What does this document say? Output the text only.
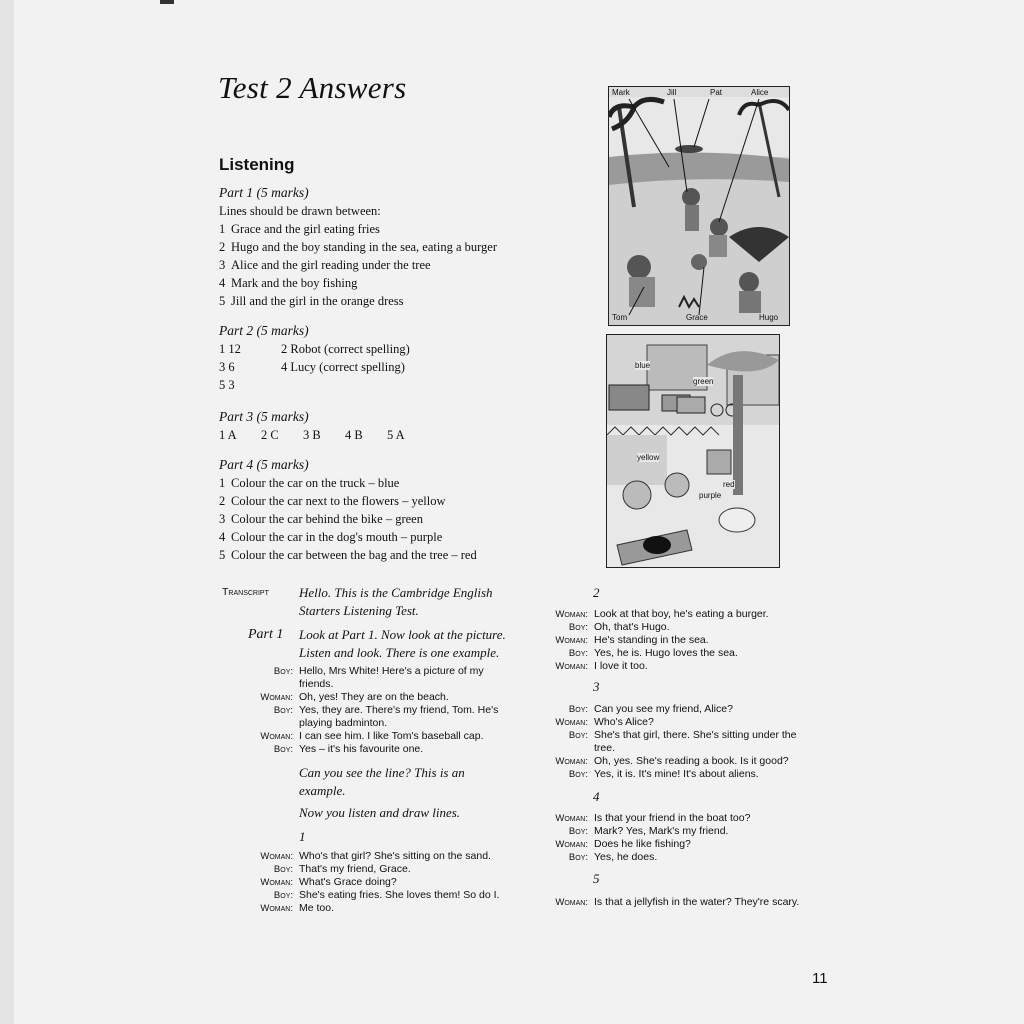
Test 2 Answers
Listening
Part 1 (5 marks)
Lines should be drawn between:
1 Grace and the girl eating fries
2 Hugo and the boy standing in the sea, eating a burger
3 Alice and the girl reading under the tree
4 Mark and the boy fishing
5 Jill and the girl in the orange dress
Part 2 (5 marks)
1 12	2 Robot (correct spelling)
3 6	4 Lucy (correct spelling)
5 3
Part 3 (5 marks)
1 A 2 C 3 B 4 B 5 A
Part 4 (5 marks)
1 Colour the car on the truck – blue
2 Colour the car next to the flowers – yellow
3 Colour the car behind the bike – green
4 Colour the car in the dog's mouth – purple
5 Colour the car between the bag and the tree – red
Mark	Jill	Pat	Alice
Tom	Grace	Hugo
blue
green
yellow
red
purple
Transcript Hello. This is the Cambridge English Starters Listening Test.
Part 1 Look at Part 1. Now look at the picture. Listen and look. There is one example.
Boy: Hello, Mrs White! Here's a picture of my friends.
Woman: Oh, yes! They are on the beach.
Boy: Yes, they are. There's my friend, Tom. He's playing badminton.
Woman: I can see him. I like Tom's baseball cap.
Boy: Yes – it's his favourite one.
Can you see the line? This is an example.
Now you listen and draw lines.
1
Woman: Who's that girl? She's sitting on the sand.
Boy: That's my friend, Grace.
Woman: What's Grace doing?
Boy: She's eating fries. She loves them! So do I.
Woman: Me too.
2
Woman: Look at that boy, he's eating a burger.
Boy: Oh, that's Hugo.
Woman: He's standing in the sea.
Boy: Yes, he is. Hugo loves the sea.
Woman: I love it too.
3
Boy: Can you see my friend, Alice?
Woman: Who's Alice?
Boy: She's that girl, there. She's sitting under the tree.
Woman: Oh, yes. She's reading a book. Is it good?
Boy: Yes, it is. It's mine! It's about aliens.
4
Woman: Is that your friend in the boat too?
Boy: Mark? Yes, Mark's my friend.
Woman: Does he like fishing?
Boy: Yes, he does.
5
Woman: Is that a jellyfish in the water? They're scary.
11
